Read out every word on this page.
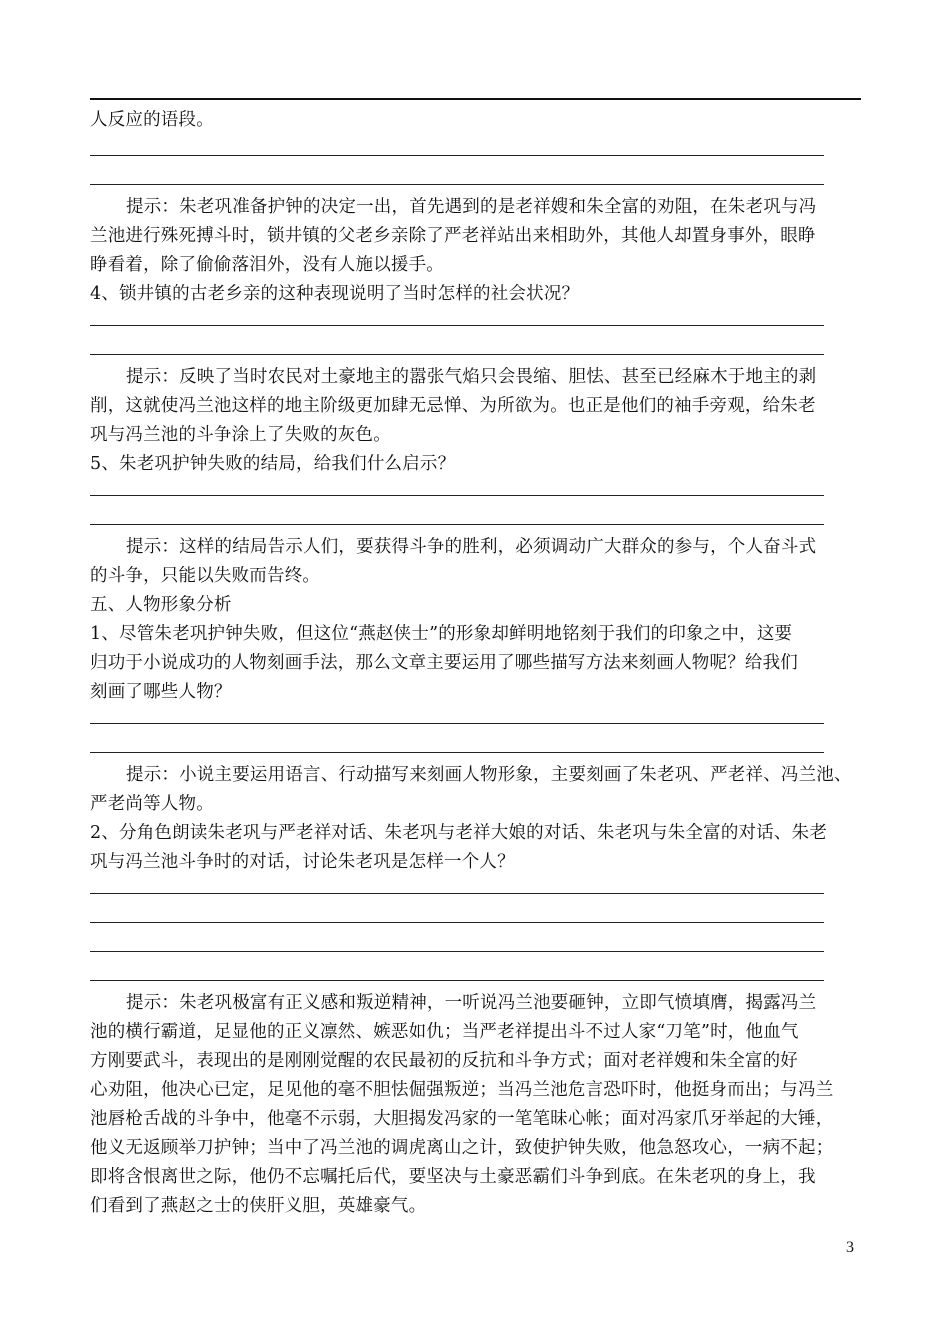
人反应的语段。
提示：朱老巩准备护钟的决定一出，首先遇到的是老祥嫂和朱全富的劝阻，在朱老巩与冯
兰池进行殊死搏斗时，锁井镇的父老乡亲除了严老祥站出来相助外，其他人却置身事外，眼睁
睁看着，除了偷偷落泪外，没有人施以援手。
4、锁井镇的古老乡亲的这种表现说明了当时怎样的社会状况？
提示：反映了当时农民对土豪地主的嚣张气焰只会畏缩、胆怯、甚至已经麻木于地主的剥
削，这就使冯兰池这样的地主阶级更加肆无忌惮、为所欲为。也正是他们的袖手旁观，给朱老
巩与冯兰池的斗争涂上了失败的灰色。
5、朱老巩护钟失败的结局，给我们什么启示？
提示：这样的结局告示人们，要获得斗争的胜利，必须调动广大群众的参与，个人奋斗式
的斗争，只能以失败而告终。
五、人物形象分析
1、尽管朱老巩护钟失败，但这位“燕赵侠士”的形象却鲜明地铭刻于我们的印象之中，这要
归功于小说成功的人物刻画手法，那么文章主要运用了哪些描写方法来刻画人物呢？给我们
刻画了哪些人物？
提示：小说主要运用语言、行动描写来刻画人物形象，主要刻画了朱老巩、严老祥、冯兰池、
严老尚等人物。
2、分角色朗读朱老巩与严老祥对话、朱老巩与老祥大娘的对话、朱老巩与朱全富的对话、朱老
巩与冯兰池斗争时的对话，讨论朱老巩是怎样一个人？
提示：朱老巩极富有正义感和叛逆精神，一听说冯兰池要砸钟，立即气愤填膺，揭露冯兰
池的横行霸道，足显他的正义凛然、嫉恶如仇；当严老祥提出斗不过人家“刀笔”时，他血气
方刚要武斗，表现出的是刚刚觉醒的农民最初的反抗和斗争方式；面对老祥嫂和朱全富的好
心劝阻，他决心已定，足见他的毫不胆怯倔强叛逆；当冯兰池危言恐吓时，他挺身而出；与冯兰
池唇枪舌战的斗争中，他毫不示弱，大胆揭发冯家的一笔笔昧心帐；面对冯家爪牙举起的大锤，
他义无返顾举刀护钟；当中了冯兰池的调虎离山之计，致使护钟失败，他急怒攻心，一病不起；
即将含恨离世之际，他仍不忘嘱托后代，要坚决与土豪恶霸们斗争到底。在朱老巩的身上，我
们看到了燕赵之士的侠肝义胆，英雄豪气。
3
